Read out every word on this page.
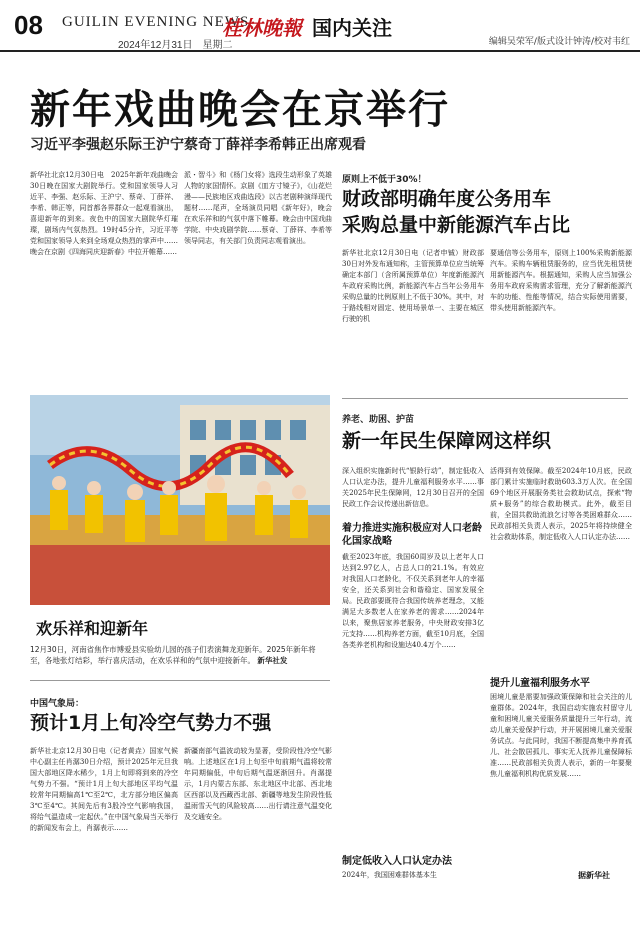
08 GUILIN EVENING NEWS
2024年12月31日　星期二
桂林晚報 国内关注
编辑吴荣军/版式设计钟涛/校对韦红
新年戏曲晚会在京举行
习近平李强赵乐际王沪宁蔡奇丁薛祥李希韩正出席观看
新华社北京12月30日电　2025年新年戏曲晚会30日晚在国家大剧院举行。党和国家领导人习近平、李强、赵乐际、王沪宁、蔡奇、丁薛祥、李希、韩正等，同首都各界群众一起观看演出，喜迎新年的到来。夜色中的国家大剧院华灯璀璨，剧场内气氛热烈。19时45分许，习近平等党和国家领导人来到全场观众热烈的掌声中……晚会在京剧《四海同庆迎新春》中拉开帷幕……
派・智斗》和《杨门女将》选段生动形象了英雄人物的家国情怀。京剧《皿方寸镜子》，《山花烂漫——民族地区戏曲选段》以古老剧种演绎现代题材……尾声，全场演员同唱《新年好》，晚会在欢乐祥和的气氛中落下帷幕。晚会由中国戏曲学院、中央戏剧学院……蔡奇、丁薛祥、李希等领导同志，有关部门负责同志观看演出。
欢乐祥和迎新年
12月30日，河南省焦作市博爱县实验幼儿园的孩子们表演舞龙迎新年。2025年新年将至，各地张灯结彩，举行喜庆活动，在欢乐祥和的气氛中迎接新年。 新华社发
中国气象局：
预计1月上旬冷空气势力不强
新华社北京12月30日电（记者黄垚）国家气候中心副主任肖潺30日介绍，预计2025年元旦我国大部地区降水稀少，1月上旬即将到来的冷空气势力不强。“预计1月上旬大部地区平均气温较常年同期偏高1℃至2℃，北方部分地区偏高3℃至4℃。其间先后有3股冷空气影响我国，将给气温造成一定起伏。”在中国气象局当天举行的新闻发布会上，肖潺表示……
新疆南部气温波动较为显著，受阶段性冷空气影响。上述地区在1月上旬至中旬前期气温将较常年同期偏低，中旬后期气温逐渐回升。肖潺提示，1月内蒙古东部、东北地区中北部、西北地区西部以及西藏西北部、新疆等地发生阶段性低温雨雪天气的风险较高……出行请注意气温变化及交通安全。
原则上不低于30%！
财政部明确年度公务用车
采购总量中新能源汽车占比
新华社北京12月30日电（记者申铖）财政部30日对外发布通知称，主管预算单位应当统筹确定本部门（含所属预算单位）年度新能源汽车政府采购比例，新能源汽车占当年公务用车采购总量的比例原则上不低于30%。其中，对于路线相对固定、使用场景单一、主要在城区行驶的机
要通信等公务用车，原则上100%采购新能源汽车。采购车辆租赁服务的，应当优先租赁使用新能源汽车。根据通知，采购人应当加强公务用车政府采购需求管理，充分了解新能源汽车的功能、性能等情况，结合实际使用需要，带头使用新能源汽车。
养老、助困、护苗
新一年民生保障网这样织
深入组织实施新时代“银龄行动”，制定低收入人口认定办法，提升儿童福利服务水平……事关2025年民生保障网，12月30日召开的全国民政工作会议传递出新信息。
着力推进实施积极应对人口老龄化国家战略
截至2023年底，我国60周岁及以上老年人口达到2.97亿人，占总人口的21.1%。有效应对我国人口老龄化，不仅关系到老年人的幸福安全，还关系到社会和谐稳定、国家发展全局。民政部要既符合我国传统养老理念，又能满足大多数老人在家养老的需求……2024年以来，聚焦居家养老服务，中央财政安排3亿元支持……机构养老方面，截至10月底，全国各类养老机构和设施达40.4万个……
制定低收入人口认定办法
2024年，我国困难群体基本生
活得到有效保障。截至2024年10月底，民政部门累计实施临时救助603.3万人次。在全国69个地区开展服务类社会救助试点，探索“物质+服务”的综合救助模式。此外，截至目前，全国共救助流浪乞讨等各类困难群众……民政部相关负责人表示，2025年将持续健全社会救助体系，制定低收入人口认定办法……
提升儿童福利服务水平
困境儿童是需要加强政策保障和社会关注的儿童群体。2024年，我国启动实施农村留守儿童和困境儿童关爱服务质量提升三年行动，流动儿童关爱保护行动，并开展困境儿童关爱服务试点。与此同时，我国不断提高集中养育孤儿、社会散居孤儿、事实无人抚养儿童保障标准……民政部相关负责人表示，新的一年要聚焦儿童福利机构优质发展……
据新华社
